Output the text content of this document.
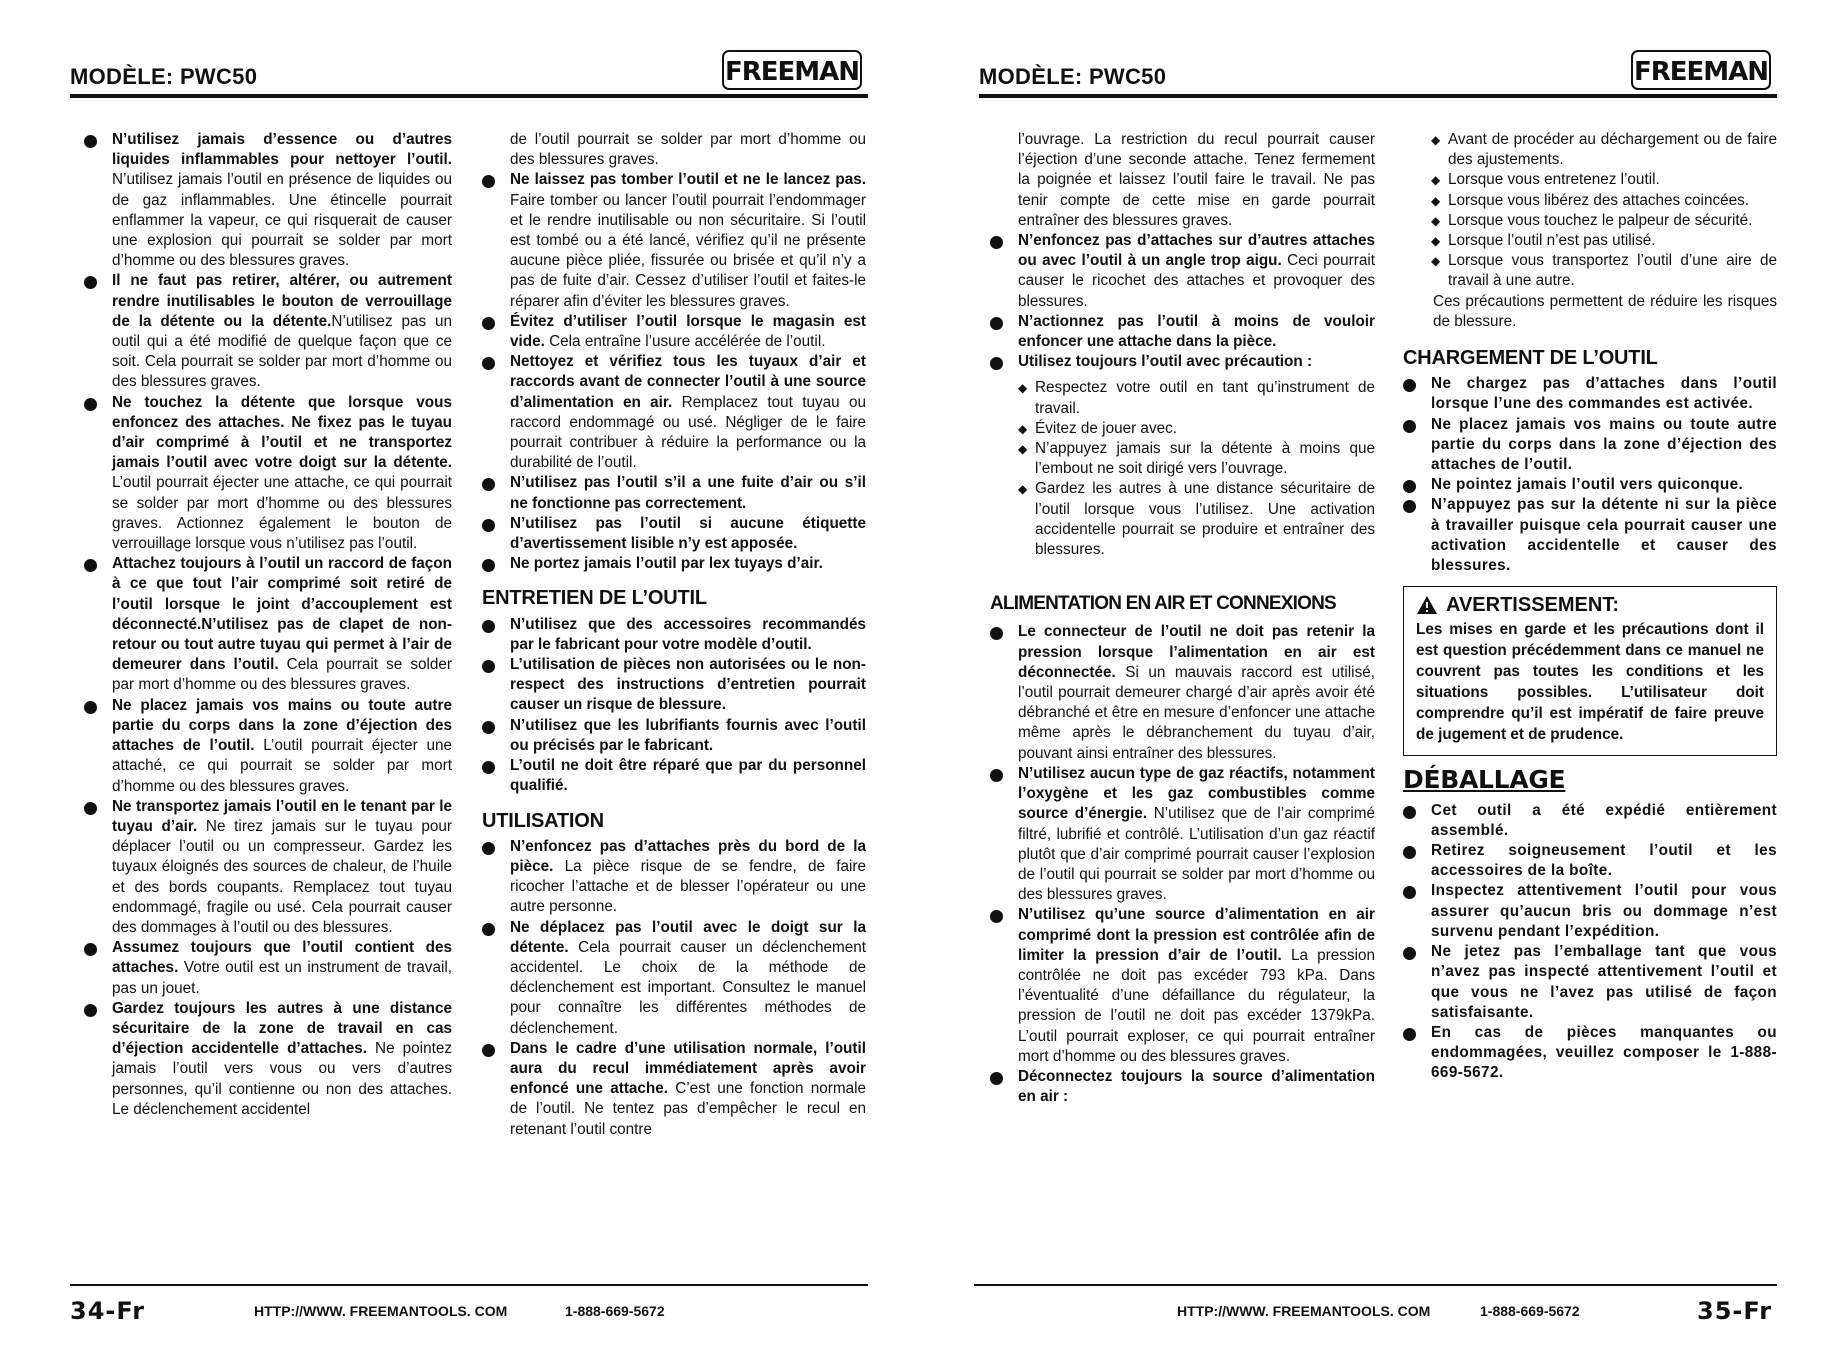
MODÈLE: PWC50	FREEMAN
N’utilisez jamais d’essence ou d’autres liquides inflammables pour nettoyer l’outil. N’utilisez jamais l’outil en présence de liquides ou de gaz inflammables. Une étincelle pourrait enflammer la vapeur, ce qui risquerait de causer une explosion qui pourrait se solder par mort d’homme ou des blessures graves.
Il ne faut pas retirer, altérer, ou autrement rendre inutilisables le bouton de verrouillage de la détente ou la détente.N’utilisez pas un outil qui a été modifié de quelque façon que ce soit. Cela pourrait se solder par mort d’homme ou des blessures graves.
Ne touchez la détente que lorsque vous enfoncez des attaches. Ne fixez pas le tuyau d’air comprimé à l’outil et ne transportez jamais l’outil avec votre doigt sur la détente. L’outil pourrait éjecter une attache, ce qui pourrait se solder par mort d’homme ou des blessures graves. Actionnez également le bouton de verrouillage lorsque vous n’utilisez pas l’outil.
Attachez toujours à l’outil un raccord de façon à ce que tout l’air comprimé soit retiré de l’outil lorsque le joint d’accouplement est déconnecté.N’utilisez pas de clapet de non-retour ou tout autre tuyau qui permet à l’air de demeurer dans l’outil. Cela pourrait se solder par mort d’homme ou des blessures graves.
Ne placez jamais vos mains ou toute autre partie du corps dans la zone d’éjection des attaches de l’outil. L’outil pourrait éjecter une attaché, ce qui pourrait se solder par mort d’homme ou des blessures graves.
Ne transportez jamais l’outil en le tenant par le tuyau d’air. Ne tirez jamais sur le tuyau pour déplacer l’outil ou un compresseur. Gardez les tuyaux éloignés des sources de chaleur, de l’huile et des bords coupants. Remplacez tout tuyau endommagé, fragile ou usé. Cela pourrait causer des dommages à l’outil ou des blessures.
Assumez toujours que l’outil contient des attaches. Votre outil est un instrument de travail, pas un jouet.
Gardez toujours les autres à une distance sécuritaire de la zone de travail en cas d’éjection accidentelle d’attaches. Ne pointez jamais l’outil vers vous ou vers d’autres personnes, qu’il contienne ou non des attaches. Le déclenchement accidentel

de l’outil pourrait se solder par mort d’homme ou des blessures graves.

Ne laissez pas tomber l’outil et ne le lancez pas. Faire tomber ou lancer l’outil pourrait l’endommager et le rendre inutilisable ou non sécuritaire. Si l’outil est tombé ou a été lancé, vérifiez qu’il ne présente aucune pièce pliée, fissurée ou brisée et qu’il n’y a pas de fuite d’air. Cessez d’utiliser l’outil et faites-le réparer afin d’éviter les blessures graves.
Évitez d’utiliser l’outil lorsque le magasin est vide. Cela entraîne l’usure accélérée de l’outil.
Nettoyez et vérifiez tous les tuyaux d’air et raccords avant de connecter l’outil à une source d’alimentation en air. Remplacez tout tuyau ou raccord endommagé ou usé. Négliger de le faire pourrait contribuer à réduire la performance ou la durabilité de l’outil.
N’utilisez pas l’outil s’il a une fuite d’air ou s’il ne fonctionne pas correctement.
N’utilisez pas l’outil si aucune étiquette d’avertissement lisible n’y est apposée.
Ne portez jamais l’outil par lex tuyays d’air.
ENTRETIEN DE L’OUTIL
N’utilisez que des accessoires recommandés par le fabricant pour votre modèle d’outil.
L’utilisation de pièces non autorisées ou le non-respect des instructions d’entretien pourrait causer un risque de blessure.
N’utilisez que les lubrifiants fournis avec l’outil ou précisés par le fabricant.
L’outil ne doit être réparé que par du personnel qualifié.
UTILISATION
N’enfoncez pas d’attaches près du bord de la pièce. La pièce risque de se fendre, de faire ricocher l’attache et de blesser l’opérateur ou une autre personne.
Ne déplacez pas l’outil avec le doigt sur la détente. Cela pourrait causer un déclenchement accidentel. Le choix de la méthode de déclenchement est important. Consultez le manuel pour connaître les différentes méthodes de déclenchement.
Dans le cadre d’une utilisation normale, l’outil aura du recul immédiatement après avoir enfoncé une attache. C’est une fonction normale de l’outil. Ne tentez pas d’empêcher le recul en retenant l’outil contre
34-Fr	HTTP://WWW. FREEMANTOOLS. COM	1-888-669-5672
MODÈLE: PWC50	FREEMAN

l’ouvrage. La restriction du recul pourrait causer l’éjection d’une seconde attache. Tenez fermement la poignée et laissez l’outil faire le travail. Ne pas tenir compte de cette mise en garde pourrait entraîner des blessures graves.

N’enfoncez pas d’attaches sur d’autres attaches ou avec l’outil à un angle trop aigu. Ceci pourrait causer le ricochet des attaches et provoquer des blessures.
N’actionnez pas l’outil à moins de vouloir enfoncer une attache dans la pièce.
Utilisez toujours l’outil avec précaution :
◆ Respectez votre outil en tant qu’instrument de travail.
◆ Évitez de jouer avec.
◆ N’appuyez jamais sur la détente à moins que l’embout ne soit dirigé vers l’ouvrage.
◆ Gardez les autres à une distance sécuritaire de l’outil lorsque vous l’utilisez. Une activation accidentelle pourrait se produire et entraîner des blessures.
ALIMENTATION EN AIR ET CONNEXIONS
Le connecteur de l’outil ne doit pas retenir la pression lorsque l’alimentation en air est déconnectée. Si un mauvais raccord est utilisé, l’outil pourrait demeurer chargé d’air après avoir été débranché et être en mesure d’enfoncer une attache même après le débranchement du tuyau d’air, pouvant ainsi entraîner des blessures.
N’utilisez aucun type de gaz réactifs, notamment l’oxygène et les gaz combustibles comme source d’énergie. N’utilisez que de l’air comprimé filtré, lubrifié et contrôlé. L’utilisation d’un gaz réactif plutôt que d’air comprimé pourrait causer l’explosion de l’outil qui pourrait se solder par mort d’homme ou des blessures graves.
N’utilisez qu’une source d’alimentation en air comprimé dont la pression est contrôlée afin de limiter la pression d’air de l’outil. La pression contrôlée ne doit pas excéder 793 kPa. Dans l’éventualité d’une défaillance du régulateur, la pression de l’outil ne doit pas excéder 1379kPa. L’outil pourrait exploser, ce qui pourrait entraîner mort d’homme ou des blessures graves.
Déconnectez toujours la source d’alimentation en air :
◆ Avant de procéder au déchargement ou de faire des ajustements.
◆ Lorsque vous entretenez l’outil.
◆ Lorsque vous libérez des attaches coincées.
◆ Lorsque vous touchez le palpeur de sécurité.
◆ Lorsque l’outil n’est pas utilisé.
◆ Lorsque vous transportez l’outil d’une aire de travail à une autre.

Ces précautions permettent de réduire les risques de blessure.

CHARGEMENT DE L’OUTIL
Ne chargez pas d’attaches dans l’outil lorsque l’une des commandes est activée.
Ne placez jamais vos mains ou toute autre partie du corps dans la zone d’éjection des attaches de l’outil.
Ne pointez jamais l’outil vers quiconque.
N’appuyez pas sur la détente ni sur la pièce à travailler puisque cela pourrait causer une activation accidentelle et causer des blessures.
AVERTISSEMENT:
Les mises en garde et les précautions dont il est question précédemment dans ce manuel ne couvrent pas toutes les conditions et les situations possibles. L’utilisateur doit comprendre qu’il est impératif de faire preuve de jugement et de prudence.
DÉBALLAGE
Cet outil a été expédié entièrement assemblé.
Retirez soigneusement l’outil et les accessoires de la boîte.
Inspectez attentivement l’outil pour vous assurer qu’aucun bris ou dommage n’est survenu pendant l’expédition.
Ne jetez pas l’emballage tant que vous n’avez pas inspecté attentivement l’outil et que vous ne l’avez pas utilisé de façon satisfaisante.
En cas de pièces manquantes ou endommagées, veuillez composer le 1-888-669-5672.
HTTP://WWW. FREEMANTOOLS. COM	1-888-669-5672	35-Fr
